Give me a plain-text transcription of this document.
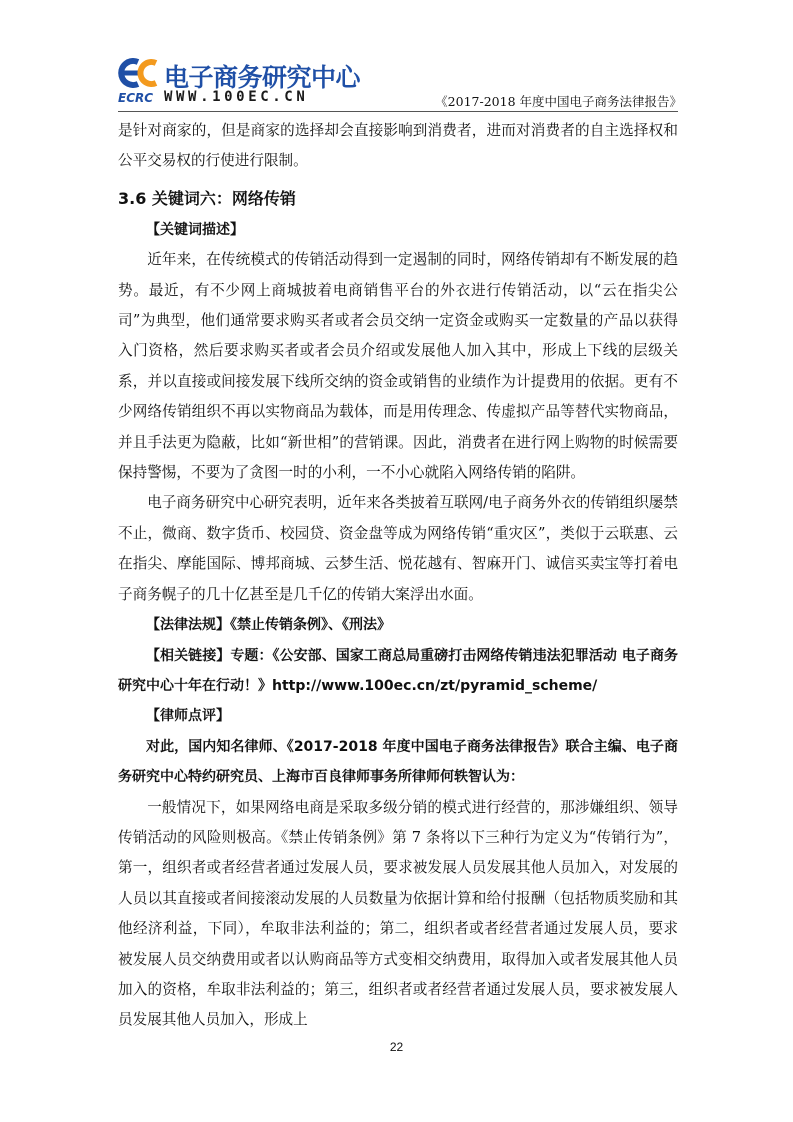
电子商务研究中心
ECRC WWW.100EC.CN	《2017-2018 年度中国电子商务法律报告》

是针对商家的，但是商家的选择却会直接影响到消费者，进而对消费者的自主选择权和公平交易权的行使进行限制。

3.6 关键词六：网络传销

【关键词描述】

近年来，在传统模式的传销活动得到一定遏制的同时，网络传销却有不断发展的趋势。最近，有不少网上商城披着电商销售平台的外衣进行传销活动，以“云在指尖公司”为典型，他们通常要求购买者或者会员交纳一定资金或购买一定数量的产品以获得入门资格，然后要求购买者或者会员介绍或发展他人加入其中，形成上下线的层级关系，并以直接或间接发展下线所交纳的资金或销售的业绩作为计提费用的依据。更有不少网络传销组织不再以实物商品为载体，而是用传理念、传虚拟产品等替代实物商品，并且手法更为隐蔽，比如“新世相”的营销课。因此，消费者在进行网上购物的时候需要保持警惕，不要为了贪图一时的小利，一不小心就陷入网络传销的陷阱。

电子商务研究中心研究表明，近年来各类披着互联网/电子商务外衣的传销组织屡禁不止，微商、数字货币、校园贷、资金盘等成为网络传销“重灾区”，类似于云联惠、云在指尖、摩能国际、博邦商城、云梦生活、悦花越有、智麻开门、诚信买卖宝等打着电子商务幌子的几十亿甚至是几千亿的传销大案浮出水面。

【法律法规】《禁止传销条例》、《刑法》

【相关链接】专题：《公安部、国家工商总局重磅打击网络传销违法犯罪活动 电子商务研究中心十年在行动！》http://www.100ec.cn/zt/pyramid_scheme/

【律师点评】

对此，国内知名律师、《2017-2018 年度中国电子商务法律报告》联合主编、电子商务研究中心特约研究员、上海市百良律师事务所律师何轶智认为：

一般情况下，如果网络电商是采取多级分销的模式进行经营的，那涉嫌组织、领导传销活动的风险则极高。《禁止传销条例》第 7 条将以下三种行为定义为“传销行为”，第一，组织者或者经营者通过发展人员，要求被发展人员发展其他人员加入，对发展的人员以其直接或者间接滚动发展的人员数量为依据计算和给付报酬（包括物质奖励和其他经济利益，下同），牟取非法利益的；第二，组织者或者经营者通过发展人员，要求被发展人员交纳费用或者以认购商品等方式变相交纳费用，取得加入或者发展其他人员加入的资格，牟取非法利益的；第三，组织者或者经营者通过发展人员，要求被发展人员发展其他人员加入，形成上

22
